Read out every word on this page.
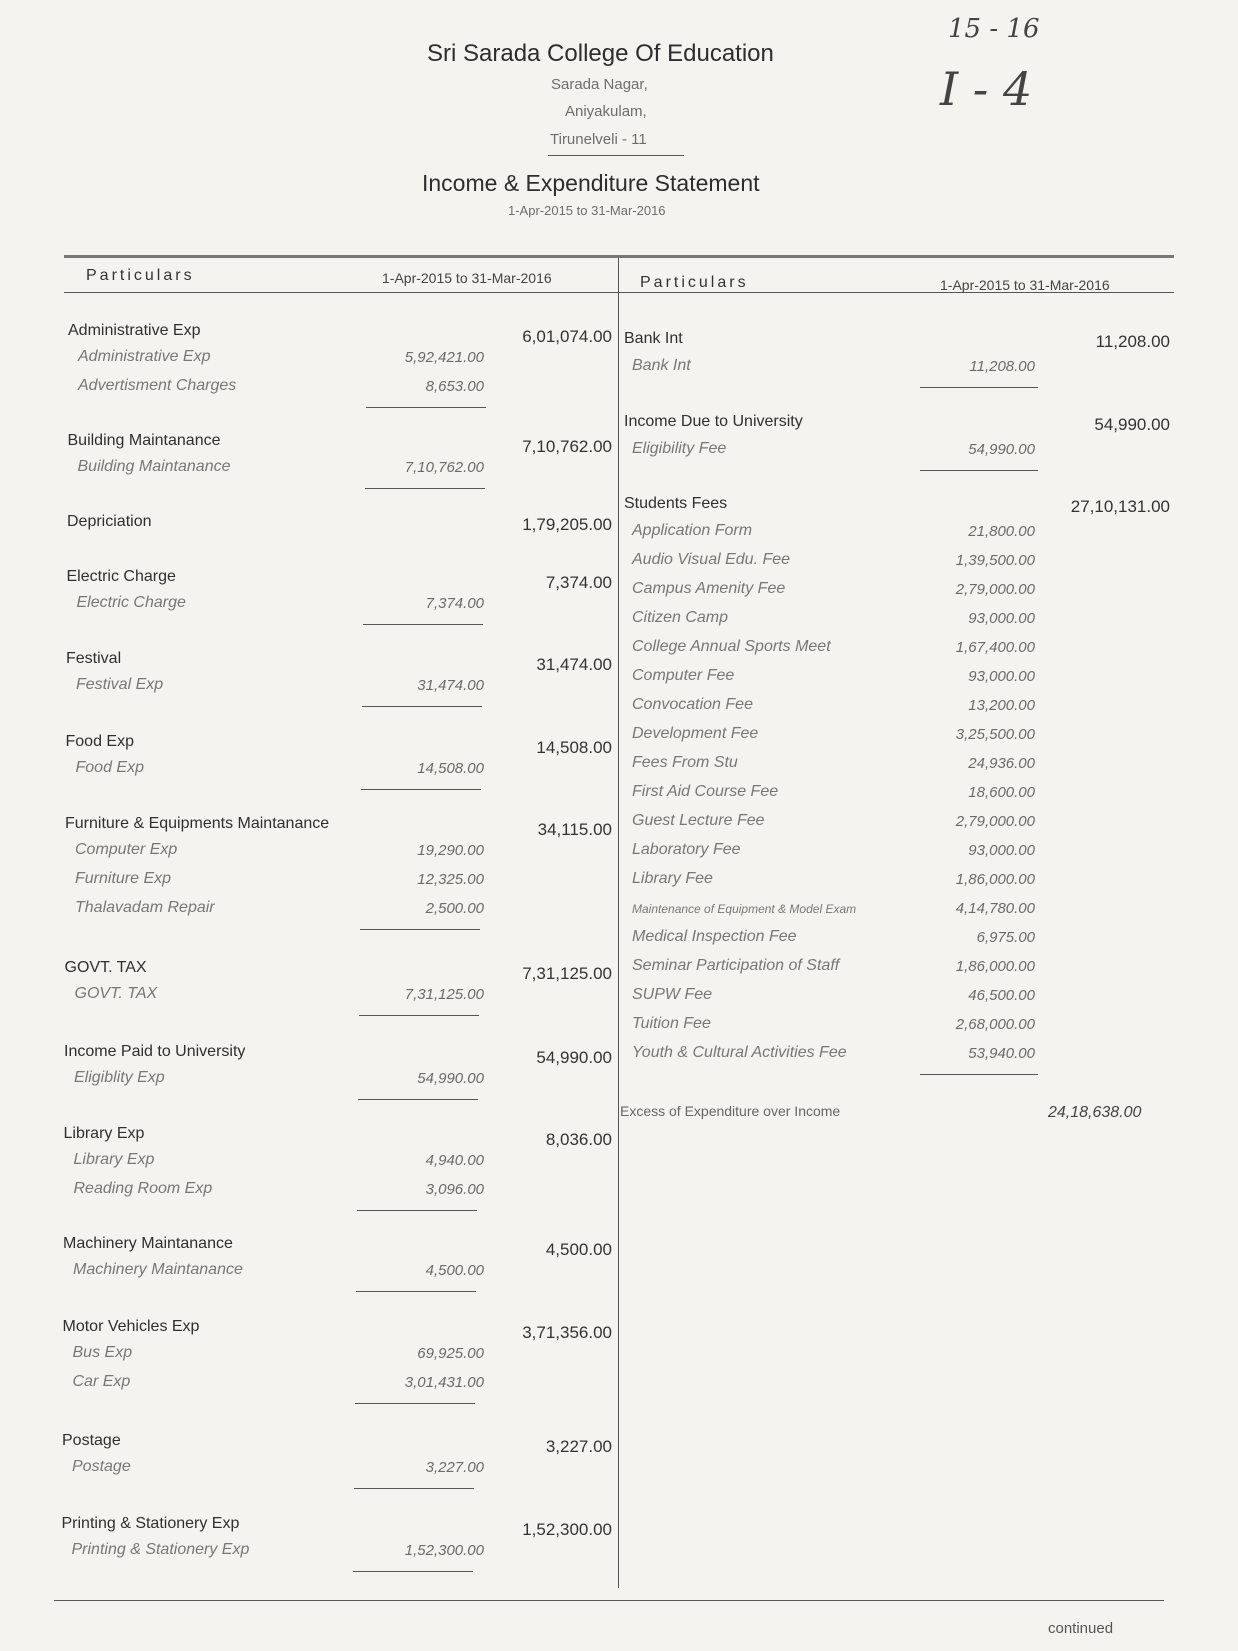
Sri Sarada College Of Education
Sarada Nagar,
Aniyakulam,
Tirunelveli - 11
Income & Expenditure Statement
1-Apr-2015 to 31-Mar-2016
15 - 16
I - 4
Particulars	1-Apr-2015 to 31-Mar-2016	Particulars	1-Apr-2015 to 31-Mar-2016
Administrative Exp	6,01,074.00
Administrative Exp	5,92,421.00
Advertisment Charges	8,653.00
Building Maintanance	7,10,762.00
Building Maintanance	7,10,762.00
Depriciation	1,79,205.00
Electric Charge	7,374.00
Electric Charge	7,374.00
Festival	31,474.00
Festival Exp	31,474.00
Food Exp	14,508.00
Food Exp	14,508.00
Furniture & Equipments Maintanance	34,115.00
Computer Exp	19,290.00
Furniture Exp	12,325.00
Thalavadam Repair	2,500.00
GOVT. TAX	7,31,125.00
GOVT. TAX	7,31,125.00
Income Paid to University	54,990.00
Eligiblity Exp	54,990.00
Library Exp	8,036.00
Library Exp	4,940.00
Reading Room Exp	3,096.00
Machinery Maintanance	4,500.00
Machinery Maintanance	4,500.00
Motor Vehicles Exp	3,71,356.00
Bus Exp	69,925.00
Car Exp	3,01,431.00
Postage	3,227.00
Postage	3,227.00
Printing & Stationery Exp	1,52,300.00
Printing & Stationery Exp	1,52,300.00
Bank Int	11,208.00
Bank Int	11,208.00
Income Due to University	54,990.00
Eligibility Fee	54,990.00
Students Fees	27,10,131.00
Application Form	21,800.00
Audio Visual Edu. Fee	1,39,500.00
Campus Amenity Fee	2,79,000.00
Citizen Camp	93,000.00
College Annual Sports Meet	1,67,400.00
Computer Fee	93,000.00
Convocation Fee	13,200.00
Development Fee	3,25,500.00
Fees From Stu	24,936.00
First Aid Course Fee	18,600.00
Guest Lecture Fee	2,79,000.00
Laboratory Fee	93,000.00
Library Fee	1,86,000.00
Maintenance of Equipment & Model Exam	4,14,780.00
Medical Inspection Fee	6,975.00
Seminar Participation of Staff	1,86,000.00
SUPW Fee	46,500.00
Tuition Fee	2,68,000.00
Youth & Cultural Activities Fee	53,940.00
Excess of Expenditure over Income	24,18,638.00
continued
